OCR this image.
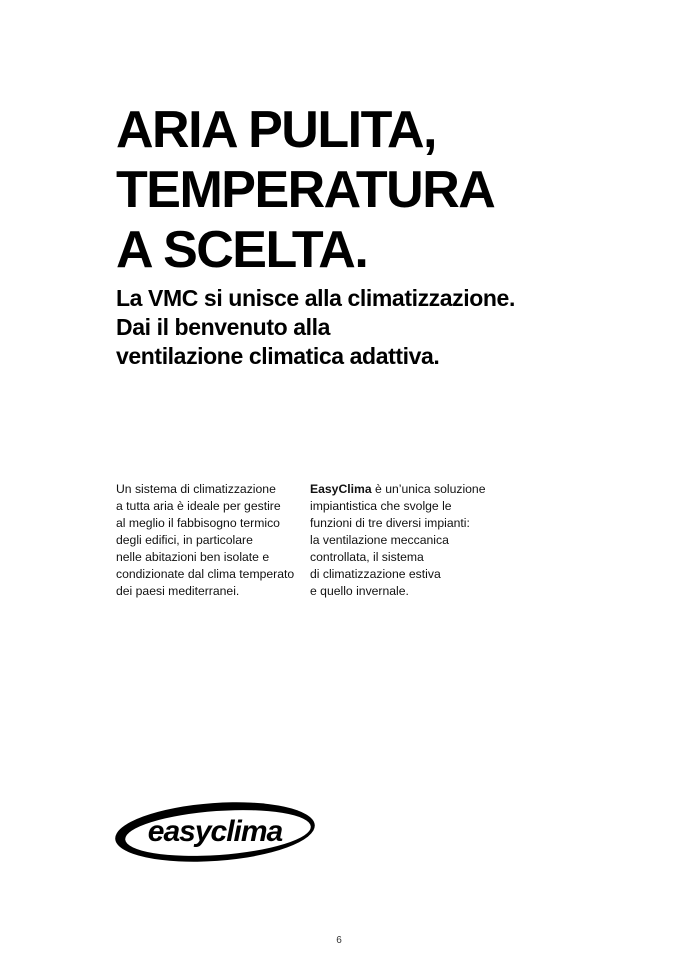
ARIA PULITA,
TEMPERATURA
A SCELTA.
La VMC si unisce alla climatizzazione.
Dai il benvenuto alla
ventilazione climatica adattiva.
Un sistema di climatizzazione
a tutta aria è ideale per gestire
al meglio il fabbisogno termico
degli edifici, in particolare
nelle abitazioni ben isolate e
condizionate dal clima temperato
dei paesi mediterranei.
EasyClima è un’unica soluzione
impiantistica che svolge le
funzioni di tre diversi impianti:
la ventilazione meccanica
controllata, il sistema
di climatizzazione estiva
e quello invernale.
easyclima
6
